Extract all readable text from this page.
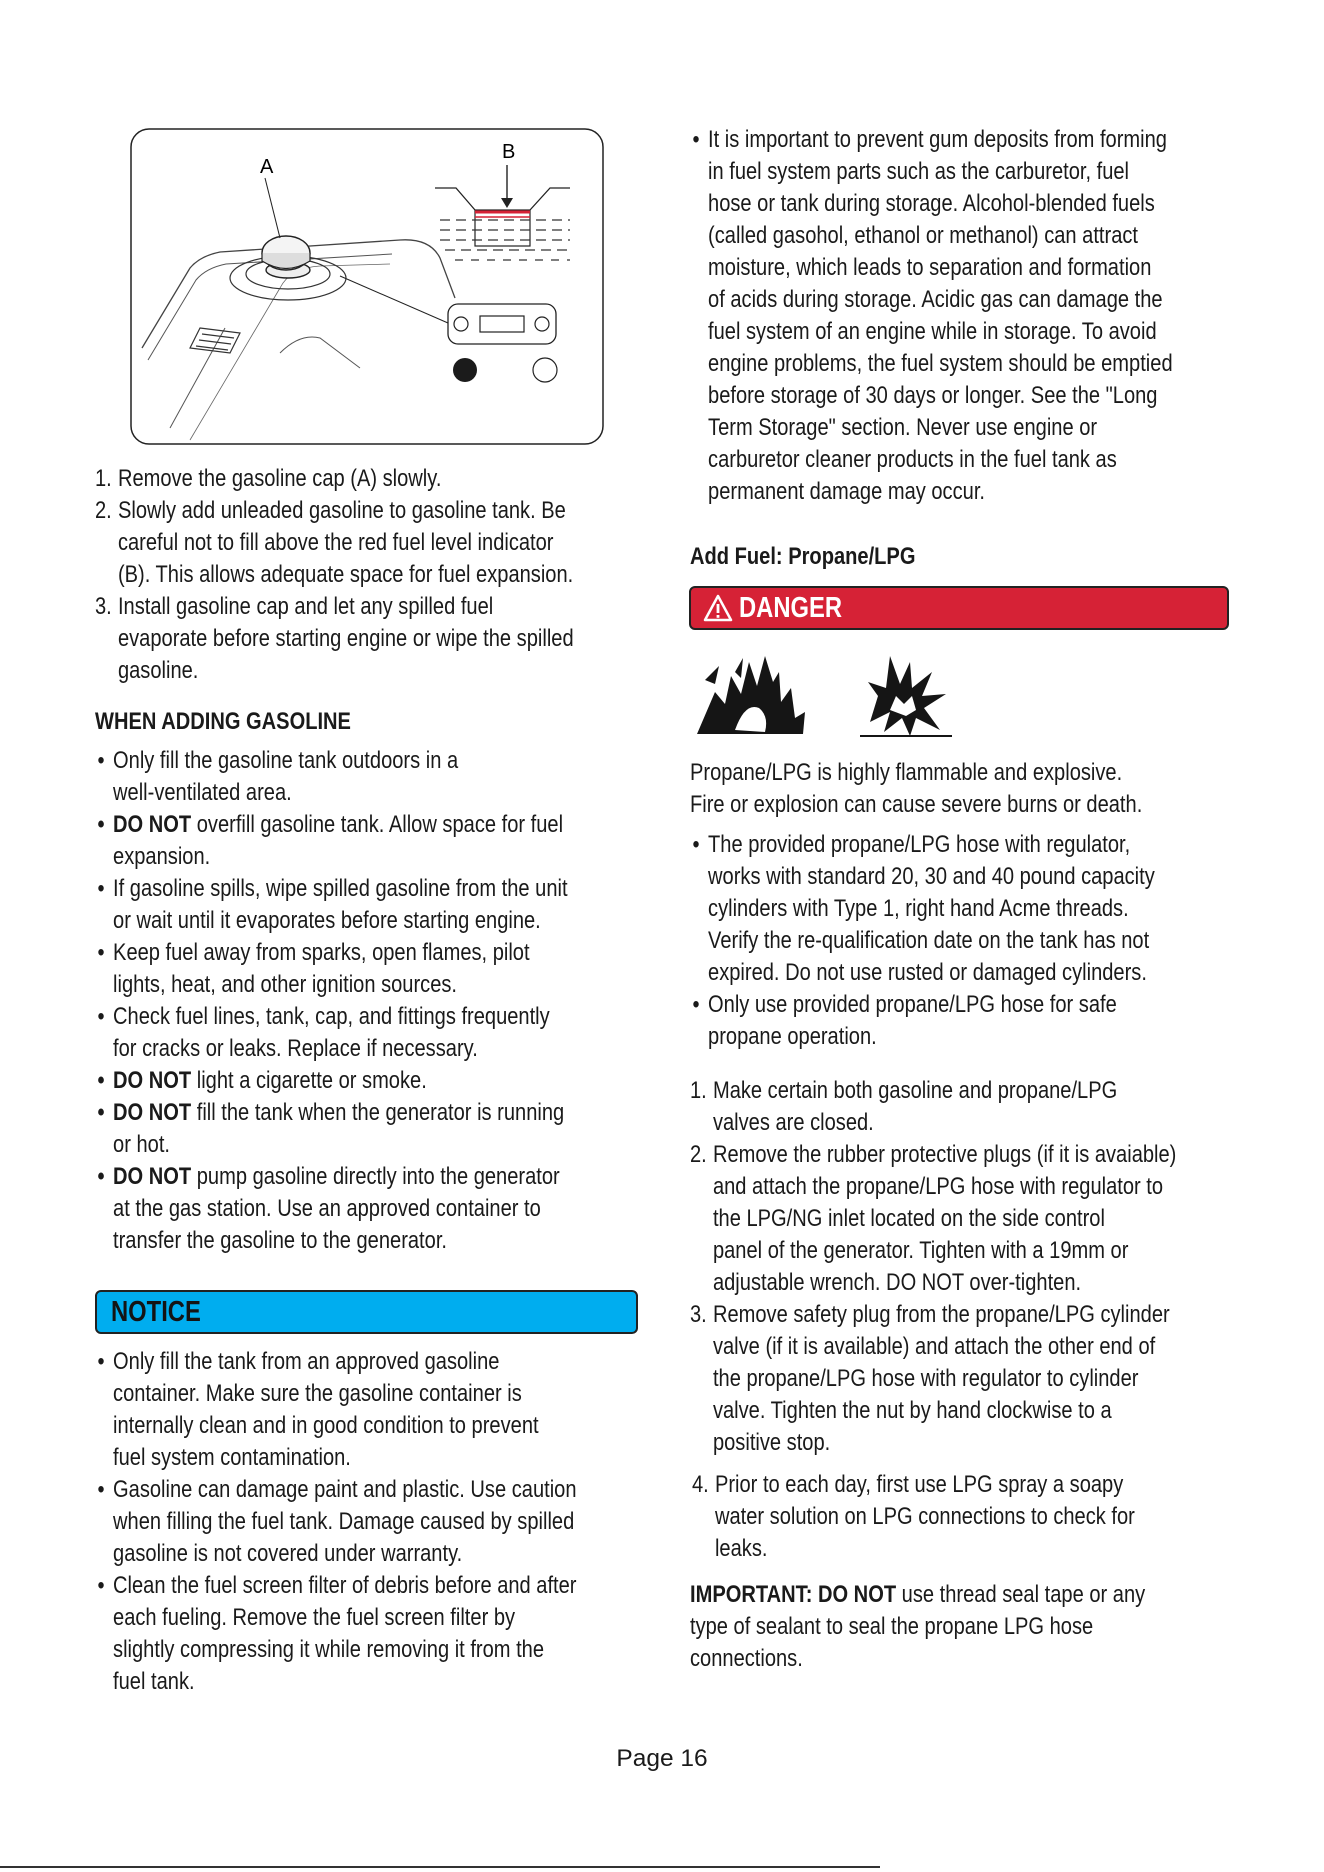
A
B
1. Remove the gasoline cap (A) slowly.
2. Slowly add unleaded gasoline to gasoline tank. Be
careful not to fill above the red fuel level indicator
(B). This allows adequate space for fuel expansion.
3. Install gasoline cap and let any spilled fuel
evaporate before starting engine or wipe the spilled
gasoline.
WHEN ADDING GASOLINE
• Only fill the gasoline tank outdoors in a
well-ventilated area.
• DO NOT overfill gasoline tank. Allow space for fuel
expansion.
• If gasoline spills, wipe spilled gasoline from the unit
or wait until it evaporates before starting engine.
• Keep fuel away from sparks, open flames, pilot
lights, heat, and other ignition sources.
• Check fuel lines, tank, cap, and fittings frequently
for cracks or leaks. Replace if necessary.
• DO NOT light a cigarette or smoke.
• DO NOT fill the tank when the generator is running
or hot.
• DO NOT pump gasoline directly into the generator
at the gas station. Use an approved container to
transfer the gasoline to the generator.
• Only fill the tank from an approved gasoline
container. Make sure the gasoline container is
internally clean and in good condition to prevent
fuel system contamination.
• Gasoline can damage paint and plastic. Use caution
when filling the fuel tank. Damage caused by spilled
gasoline is not covered under warranty.
• Clean the fuel screen filter of debris before and after
each fueling. Remove the fuel screen filter by
slightly compressing it while removing it from the
fuel tank.
NOTICE
• It is important to prevent gum deposits from forming
in fuel system parts such as the carburetor, fuel
hose or tank during storage. Alcohol-blended fuels
(called gasohol, ethanol or methanol) can attract
moisture, which leads to separation and formation
of acids during storage. Acidic gas can damage the
fuel system of an engine while in storage. To avoid
engine problems, the fuel system should be emptied
before storage of 30 days or longer. See the "Long
Term Storage" section. Never use engine or
carburetor cleaner products in the fuel tank as
permanent damage may occur.
Add Fuel: Propane/LPG
Propane/LPG is highly flammable and explosive.
Fire or explosion can cause severe burns or death.
• The provided propane/LPG hose with regulator,
works with standard 20, 30 and 40 pound capacity
cylinders with Type 1, right hand Acme threads.
Verify the re-qualification date on the tank has not
expired. Do not use rusted or damaged cylinders.
• Only use provided propane/LPG hose for safe
propane operation.
1. Make certain both gasoline and propane/LPG
valves are closed.
2. Remove the rubber protective plugs (if it is avaiable)
and attach the propane/LPG hose with regulator to
the LPG/NG inlet located on the side control
panel of the generator. Tighten with a 19mm or
adjustable wrench. DO NOT over-tighten.
3. Remove safety plug from the propane/LPG cylinder
valve (if it is available) and attach the other end of
the propane/LPG hose with regulator to cylinder
valve. Tighten the nut by hand clockwise to a
positive stop.
4. Prior to each day, first use LPG spray a soapy
water solution on LPG connections to check for
leaks.
IMPORTANT: DO NOT use thread seal tape or any
type of sealant to seal the propane LPG hose
connections.
DANGER
Page 16
